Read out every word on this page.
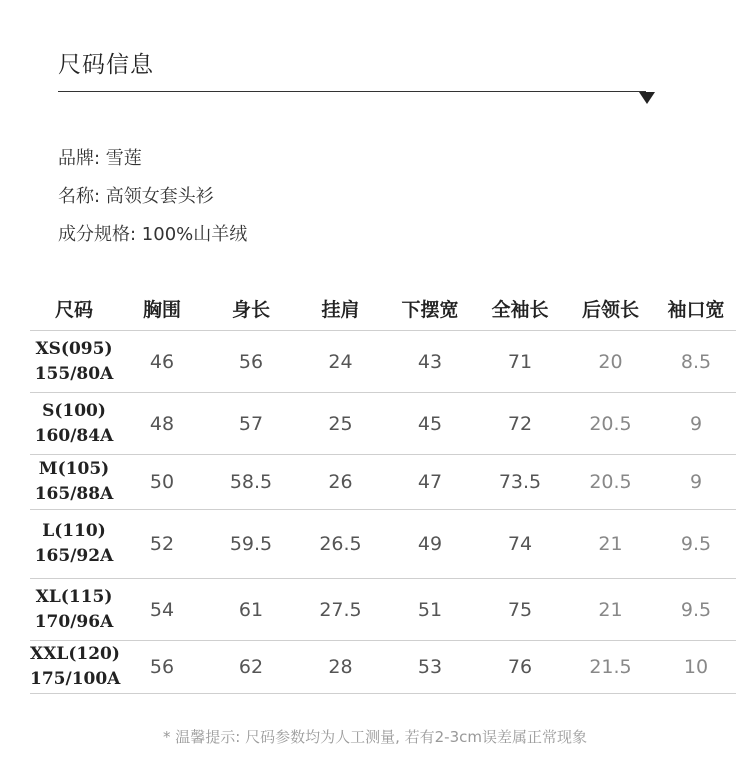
尺码信息
品牌: 雪莲
名称: 高领女套头衫
成分规格: 100%山羊绒
尺码	胸围	身长	挂肩	下摆宽	全袖长	后领长	袖口宽

XS(095)
155/80A	46	56	24	43	71	20	8.5

S(100)
160/84A	48	57	25	45	72	20.5	9

M(105)
165/88A	50	58.5	26	47	73.5	20.5	9

L(110)
165/92A	52	59.5	26.5	49	74	21	9.5

XL(115)
170/96A	54	61	27.5	51	75	21	9.5

XXL(120)
175/100A	56	62	28	53	76	21.5	10
* 温馨提示: 尺码参数均为人工测量, 若有2-3cm误差属正常现象
